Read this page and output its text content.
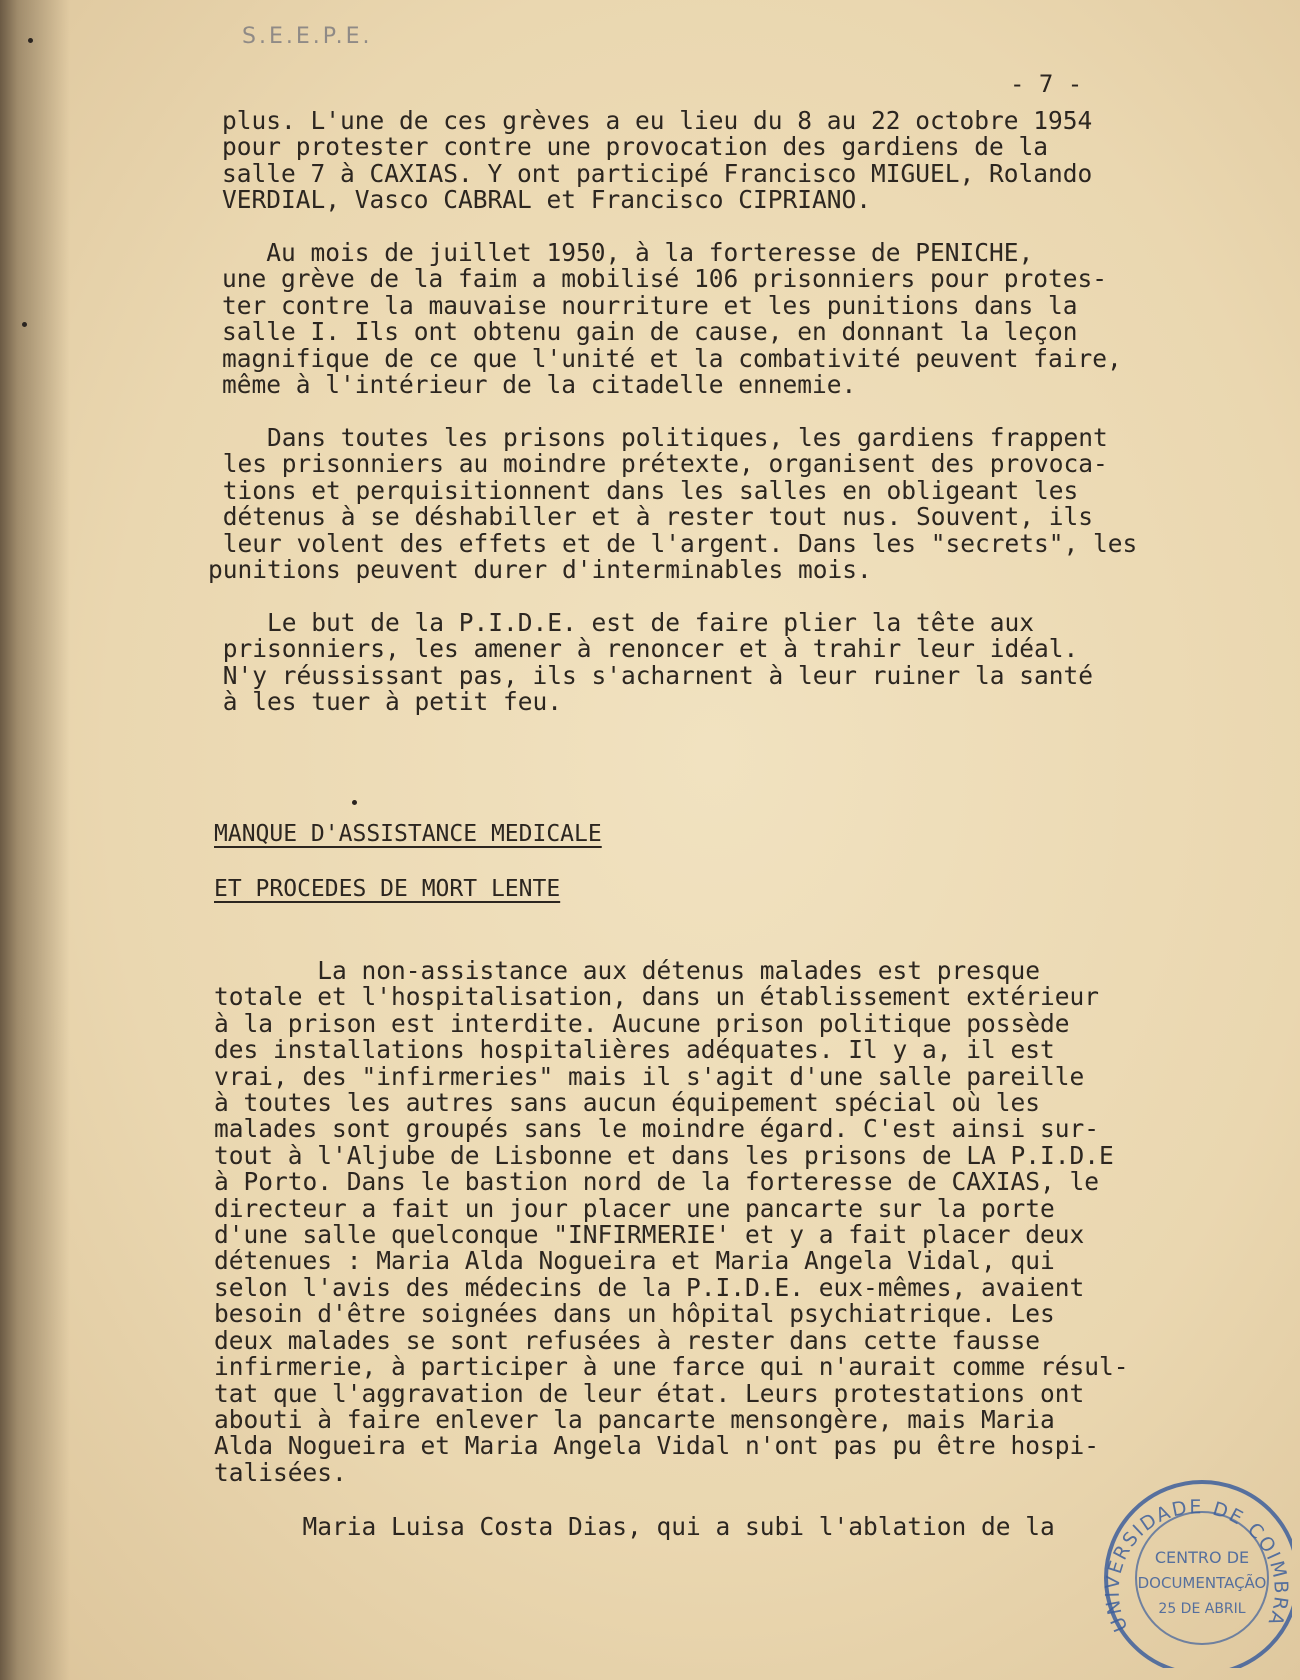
S.E.E.P.E.
- 7 -
plus. L'une de ces grèves a eu lieu du 8 au 22 octobre 1954
pour protester contre une provocation des gardiens de la
salle 7 à CAXIAS. Y ont participé Francisco MIGUEL, Rolando
VERDIAL, Vasco CABRAL et Francisco CIPRIANO.
Au mois de juillet 1950, à la forteresse de PENICHE,
une grève de la faim a mobilisé 106 prisonniers pour protes-
ter contre la mauvaise nourriture et les punitions dans la
salle I. Ils ont obtenu gain de cause, en donnant la leçon
magnifique de ce que l'unité et la combativité peuvent faire,
même à l'intérieur de la citadelle ennemie.
Dans toutes les prisons politiques, les gardiens frappent
les prisonniers au moindre prétexte, organisent des provoca-
tions et perquisitionnent dans les salles en obligeant les
détenus à se déshabiller et à rester tout nus. Souvent, ils
leur volent des effets et de l'argent. Dans les "secrets", les
punitions peuvent durer d'interminables mois.
Le but de la P.I.D.E. est de faire plier la tête aux
prisonniers, les amener à renoncer et à trahir leur idéal.
N'y réussissant pas, ils s'acharnent à leur ruiner la santé
à les tuer à petit feu.
MANQUE D'ASSISTANCE MEDICALE
ET PROCEDES DE MORT LENTE
La non-assistance aux détenus malades est presque
totale et l'hospitalisation, dans un établissement extérieur
à la prison est interdite. Aucune prison politique possède
des installations hospitalières adéquates. Il y a, il est
vrai, des "infirmeries" mais il s'agit d'une salle pareille
à toutes les autres sans aucun équipement spécial où les
malades sont groupés sans le moindre égard. C'est ainsi sur-
tout à l'Aljube de Lisbonne et dans les prisons de LA P.I.D.E
à Porto. Dans le bastion nord de la forteresse de CAXIAS, le
directeur a fait un jour placer une pancarte sur la porte
d'une salle quelconque "INFIRMERIE' et y a fait placer deux
détenues : Maria Alda Nogueira et Maria Angela Vidal, qui
selon l'avis des médecins de la P.I.D.E. eux-mêmes, avaient
besoin d'être soignées dans un hôpital psychiatrique. Les
deux malades se sont refusées à rester dans cette fausse
infirmerie, à participer à une farce qui n'aurait comme résul-
tat que l'aggravation de leur état. Leurs protestations ont
abouti à faire enlever la pancarte mensongère, mais Maria
Alda Nogueira et Maria Angela Vidal n'ont pas pu être hospi-
talisées.
Maria Luisa Costa Dias, qui a subi l'ablation de la
UNIVERSIDADE DE COIMBRA
CENTRO DE
DOCUMENTAÇÃO
25 DE ABRIL
